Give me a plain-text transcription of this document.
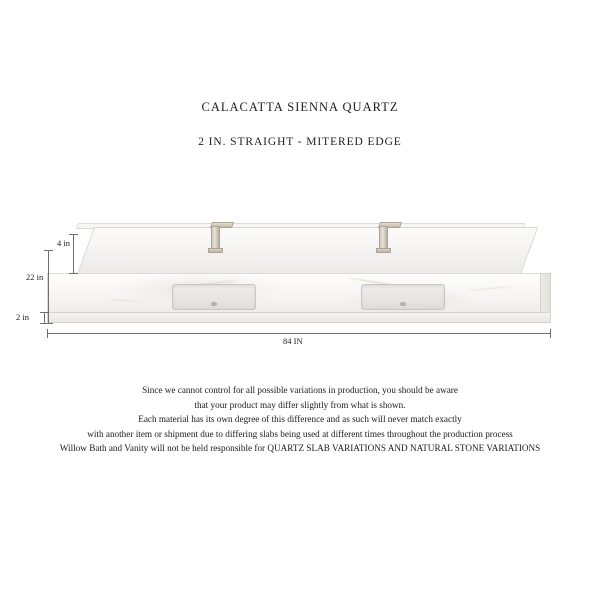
CALACATTA SIENNA QUARTZ
2 IN. STRAIGHT - MITERED EDGE
4 in
22 in
2 in
84 IN

Since we cannot control for all possible variations in production, you should be aware

that your product may differ slightly from what is shown.

Each material has its own degree of this difference and as such will never match exactly

with another item or shipment due to differing slabs being used at different times throughout the production process

Willow Bath and Vanity will not be held responsible for QUARTZ SLAB VARIATIONS AND NATURAL STONE VARIATIONS
